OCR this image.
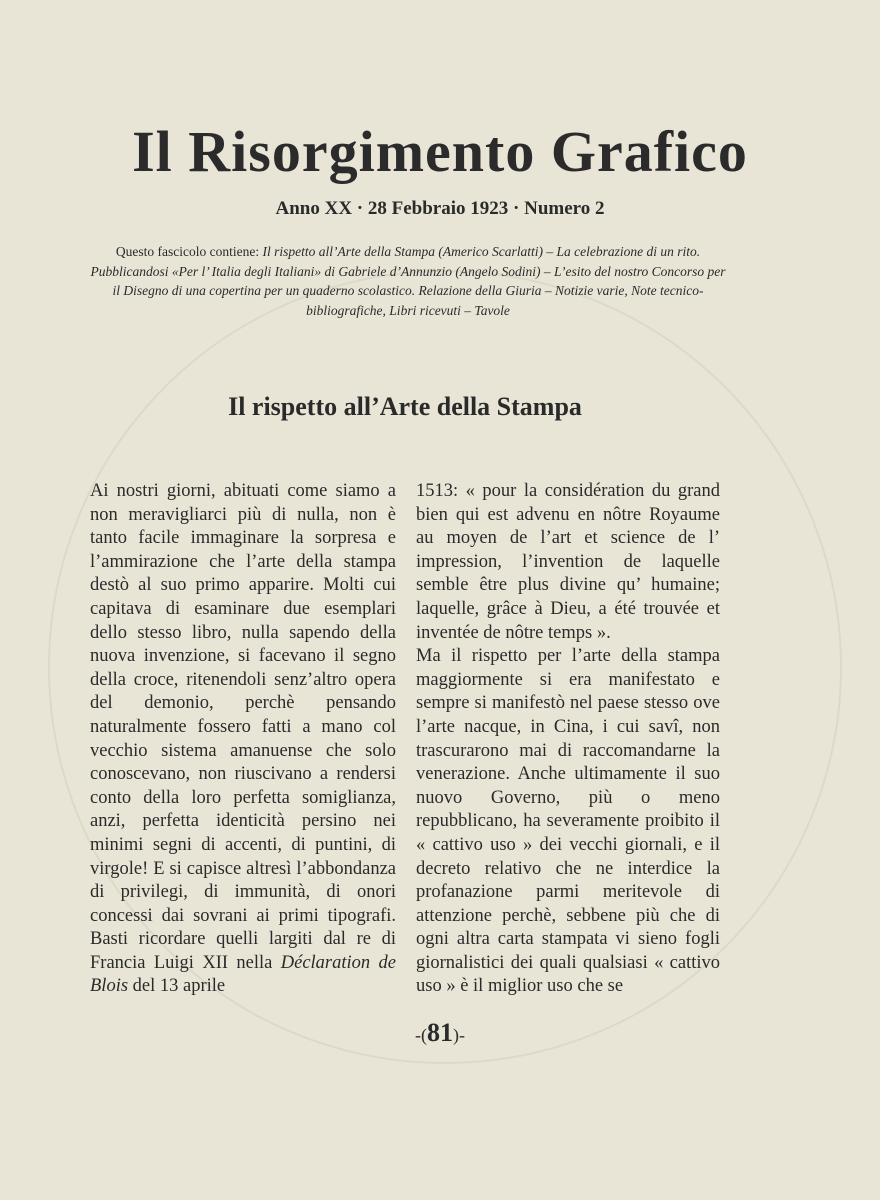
Il Risorgimento Grafico
Anno XX · 28 Febbraio 1923 · Numero 2
Questo fascicolo contiene: Il rispetto all’Arte della Stampa (Americo Scarlatti) – La celebrazione di un rito. Pubblicandosi «Per l’ Italia degli Italiani» di Gabriele d’Annunzio (Angelo Sodini) – L’esito del nostro Concorso per il Disegno di una copertina per un quaderno scolastico. Relazione della Giuria – Notizie varie, Note tecnico-bibliografiche, Libri ricevuti – Tavole
Il rispetto all’Arte della Stampa

Ai nostri giorni, abituati come siamo a non meravigliarci più di nulla, non è tanto facile immaginare la sorpresa e l’ammirazione che l’arte della stampa destò al suo primo apparire. Molti cui capitava di esaminare due esemplari dello stesso libro, nulla sapendo della nuova invenzione, si facevano il segno della croce, ritenendoli senz’altro opera del demonio, perchè pensando naturalmente fossero fatti a mano col vecchio sistema amanuense che solo conoscevano, non riuscivano a rendersi conto della loro perfetta somiglianza, anzi, perfetta identicità persino nei minimi segni di accenti, di puntini, di virgole! E si capisce altresì l’abbondanza di privilegi, di immunità, di onori concessi dai sovrani ai primi tipografi. Basti ricordare quelli largiti dal re di Francia Luigi XII nella Déclaration de Blois del 13 aprile

1513: « pour la considération du grand bien qui est advenu en nôtre Royaume au moyen de l’art et science de l’ impression, l’invention de laquelle semble être plus divine qu’ humaine; laquelle, grâce à Dieu, a été trouvée et inventée de nôtre temps ».

Ma il rispetto per l’arte della stampa maggiormente si era manifestato e sempre si manifestò nel paese stesso ove l’arte nacque, in Cina, i cui savî, non trascurarono mai di raccomandarne la venerazione. Anche ultimamente il suo nuovo Governo, più o meno repubblicano, ha severamente proibito il « cattivo uso » dei vecchi giornali, e il decreto relativo che ne interdice la profanazione parmi meritevole di attenzione perchè, sebbene più che di ogni altra carta stampata vi sieno fogli giornalistici dei quali qualsiasi « cattivo uso » è il miglior uso che se

-(81)-
